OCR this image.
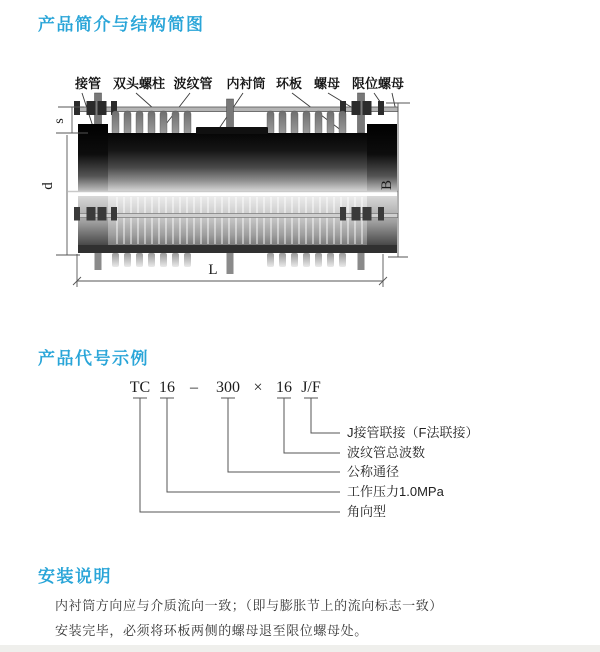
产品简介与结构简图
产品代号示例
安装说明
接管 双头螺柱 波纹管 内衬筒 环板 螺母 限位螺母
s
d	B
L
TC 16 – 300 × 16 J/F
J接管联接（F法联接）
波纹管总波数
公称通径
工作压力1.0MPa
角向型

内衬筒方向应与介质流向一致；（即与膨胀节上的流向标志一致）

安装完毕，必须将环板两侧的螺母退至限位螺母处。
